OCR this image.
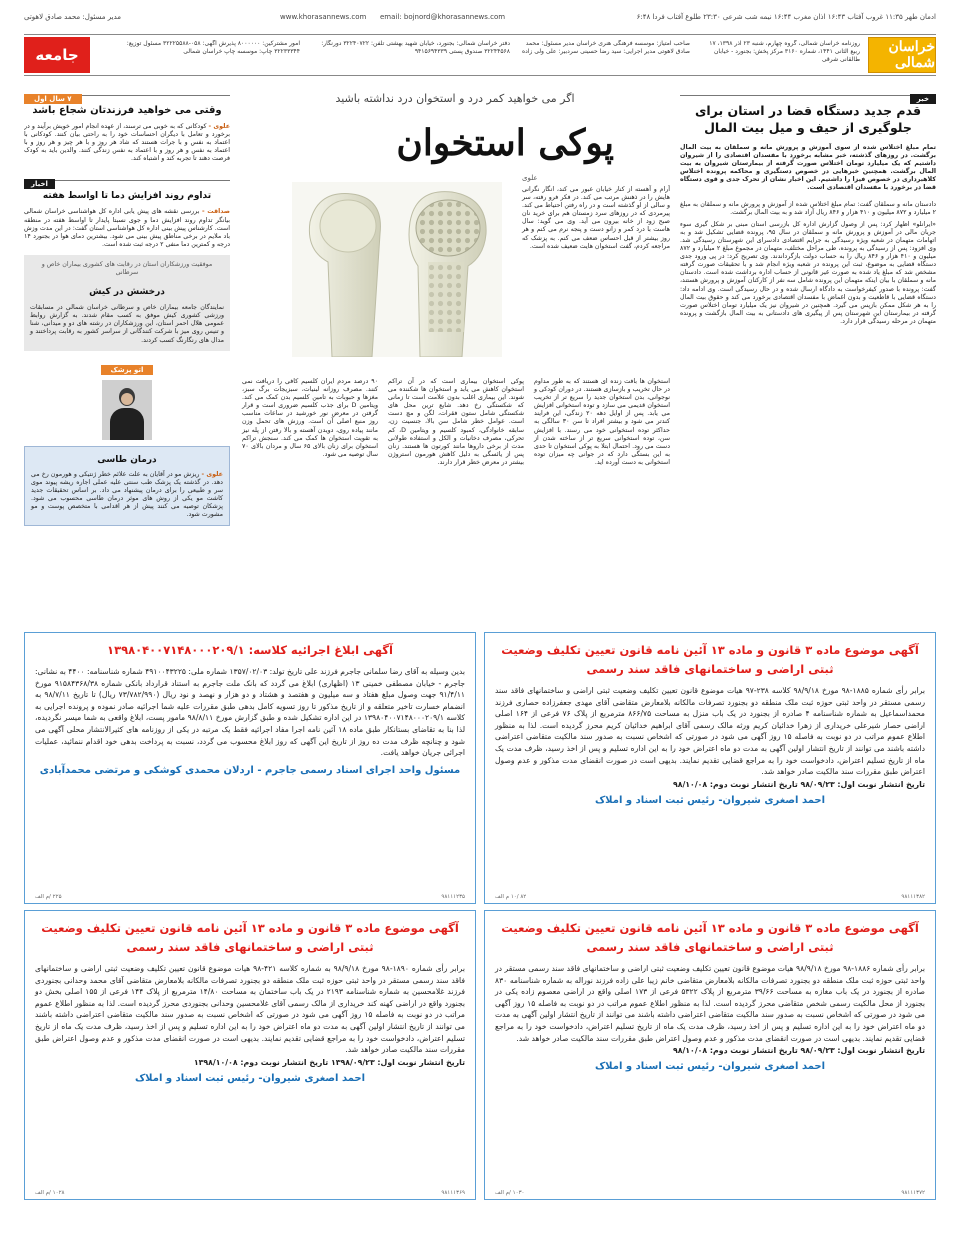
ادمان طهر ۱۱:۳۵ غروب آفتاب ۱۶:۴۳ اذان مغرب ۱۶:۴۴ نیمه شب شرعی ۲۳:۳۰ طلوع آفتاب فردا ۶:۴۸
email: bojnord@khorasannews.com
www.khorasannews.com
مدیر مسئول: محمد صادق لاهوتی
خراسان شمالی
روزنامه خراسان شمالی، گروه چهارم، شنبه ۲۳ آذر ۱۳۹۸، ۱۷ ربیع الثانی ۱۴۴۱، شماره ۳۱۶۰ مرکز پخش: بجنورد - خیابان طالقانی شرقی
صاحب امتیاز: موسسه فرهنگی هنری خراسان مدیر مسئول: محمد صادق لاهوتی مدیر اجرایی: سید رضا حسینی سردبیر: علی ولی زاده
دفتر خراسان شمالی: بجنورد، خیابان شهید بهشتی تلفن: ۳۲۲۴۰۷۲۲ دورنگار: ۳۲۲۴۴۵۶۸ صندوق پستی ۹۴۱۵۶۹۴۳۳۹
امور مشترکین: ۸۰۰۰۰۰۰ پذیرش آگهی: ۰۵۸-۳۲۲۲۵۵۸۸ مسئول توزیع: ۳۲۲۳۳۳۴۴ چاپ: موسسه چاپ خراسان شمالی
جامعه
خبر
قدم جدید دستگاه قضا در استان برای جلوگیری از حیف و میل بیت المال

تمام مبلغ اختلاس شده از سوی آموزش و پرورش مانه و سملقان به بیت المال برگشت. در روزهای گذشته، خبر مشابه برخورد با مفسدان اقتصادی را از شیروان داشتیم که یک میلیارد تومان اختلاس صورت گرفته از بیمارستان شیروان به بیت المال برگشت. همچنین خبرهایی در خصوص دستگیری و محاکمه پرونده اختلاس کلاهبرداری در خصوص فیزا را داشتیم. این اخبار نشان از تحرک جدی و قوی دستگاه قضا در برخورد با مفسدان اقتصادی است.

دادستان مانه و سملقان گفت: تمام مبلغ اختلاس شده از آموزش و پرورش مانه و سملقان به مبلغ ۲ میلیارد و ۸۷۲ میلیون و ۴۱۰ هزار و ۸۴۶ ریال آزاد شد و به بیت المال برگشت.

«ایرانلو» اظهار کرد: پس از وصول گزارش اداره کل بازرسی استان مبنی بر شکل گیری سوء جریان مالی در آموزش و پرورش مانه و سملقان در سال ۹۵، پرونده قضایی تشکیل شد و به اتهامات متهمان در شعبه ویژه رسیدگی به جرایم اقتصادی دادسرای این شهرستان رسیدگی شد. وی افزود: پس از رسیدگی به پرونده، طی مراحل مختلف، متهمان در مجموع مبلغ ۲ میلیارد و ۸۷۲ میلیون و ۴۱۰ هزار و ۸۴۶ ریال را به حساب دولت بازگرداندند. وی تصریح کرد: در پی ورود جدی دستگاه قضایی به موضوع، ثبت این پرونده در شعبه ویژه انجام شد و با تحقیقات صورت گرفته مشخص شد که مبلغ یاد شده به صورت غیر قانونی از حساب اداره برداشت شده است. دادستان مانه و سملقان با بیان اینکه متهمان این پرونده شامل سه نفر از کارکنان آموزش و پرورش هستند، گفت: پرونده با صدور کیفرخواست به دادگاه ارسال شده و در حال رسیدگی است. وی ادامه داد: دستگاه قضایی با قاطعیت و بدون اغماض با مفسدان اقتصادی برخورد می کند و حقوق بیت المال را به هر شکل ممکن بازپس می گیرد. همچنین در شیروان نیز یک میلیارد تومان اختلاس صورت گرفته در بیمارستان این شهرستان پس از پیگیری های دادستانی به بیت المال بازگشت و پرونده متهمان در مرحله رسیدگی قرار دارد.

اگر می خواهید کمر درد و استخوان درد نداشته باشید
پوکی استخوان
علوی

آرام و آهسته از کنار خیابان عبور می کند، انگار نگرانی هایش را در ذهنش مرتب می کند. در فکر فرو رفته، سر و سالی از او گذشته است و در راه رفتن احتیاط می کند. پیرمردی که در روزهای سرد زمستان هم برای خرید نان صبح زود از خانه بیرون می آید. وی می گوید: سال هاست با درد کمر و زانو دست و پنجه نرم می کنم و هر روز بیشتر از قبل احساس ضعف می کنم. به پزشک که مراجعه کردم، گفت استخوان هایت ضعیف شده است.

استخوان ها بافت زنده ای هستند که به طور مداوم در حال تخریب و بازسازی هستند. در دوران کودکی و نوجوانی، بدن استخوان جدید را سریع تر از تخریب استخوان قدیمی می سازد و توده استخوانی افزایش می یابد. پس از اوایل دهه ۲۰ زندگی، این فرایند کندتر می شود و بیشتر افراد تا سن ۳۰ سالگی به حداکثر توده استخوانی خود می رسند. با افزایش سن، توده استخوانی سریع تر از ساخته شدن از دست می رود. احتمال ابتلا به پوکی استخوان تا حدی به این بستگی دارد که در جوانی چه میزان توده استخوانی به دست آورده اید.

پوکی استخوان بیماری است که در آن تراکم استخوان کاهش می یابد و استخوان ها شکننده می شوند. این بیماری اغلب بدون علامت است تا زمانی که شکستگی رخ دهد. شایع ترین محل های شکستگی شامل ستون فقرات، لگن و مچ دست است. عوامل خطر شامل سن بالا، جنسیت زن، سابقه خانوادگی، کمبود کلسیم و ویتامین D، کم تحرکی، مصرف دخانیات و الکل و استفاده طولانی مدت از برخی داروها مانند کورتون ها هستند. زنان پس از یائسگی به دلیل کاهش هورمون استروژن بیشتر در معرض خطر قرار دارند.

۹۰ درصد مردم ایران کلسیم کافی را دریافت نمی کنند. مصرف روزانه لبنیات، سبزیجات برگ سبز، مغزها و حبوبات به تامین کلسیم بدن کمک می کند. ویتامین D برای جذب کلسیم ضروری است و قرار گرفتن در معرض نور خورشید در ساعات مناسب روز منبع اصلی آن است. ورزش های تحمل وزن مانند پیاده روی، دویدن آهسته و بالا رفتن از پله نیز به تقویت استخوان ها کمک می کند. سنجش تراکم استخوان برای زنان بالای ۶۵ سال و مردان بالای ۷۰ سال توصیه می شود.

۷ سال اول
وقتی می خواهید فرزندتان شجاع باشد

علوی - کودکانی که به خوبی می ترسند، از عهده انجام امور خویش برآیند و در برخورد و تعامل با دیگران احساسات خود را به راحتی بیان کنند. کودکانی با اعتماد به نفس و با جرات هستند که شاد هر روز و با هر چیز و هر روز و با اعتماد به نفس و هر روز و با اعتماد به نفس زندگی کنند. والدین باید به کودک فرصت دهند تا تجربه کند و اشتباه کند.

اخبار
تداوم روند افزایش دما تا اواسط هفته

صداقت - بررسی نقشه های پیش یابی اداره کل هواشناسی خراسان شمالی بیانگر تداوم روند افزایش دما و جوی نسبتا پایدار تا اواسط هفته در منطقه است. کارشناس پیش بینی اداره کل هواشناسی استان گفت: در این مدت وزش باد ملایم در برخی مناطق پیش بینی می شود. بیشترین دمای هوا در بجنورد ۱۴ درجه و کمترین دما منفی ۲ درجه ثبت شده است.

موفقیت ورزشکاران استان در رقابت های کشوری بیماران خاص و سرطانی
درخشش در کیش

نمایندگان جامعه بیماران خاص و سرطانی خراسان شمالی در مسابقات ورزشی کشوری کیش موفق به کسب مقام شدند. به گزارش روابط عمومی هلال احمر استان، این ورزشکاران در رشته های دو و میدانی، شنا و تنیس روی میز با شرکت کنندگانی از سراسر کشور به رقابت پرداختند و مدال های رنگارنگ کسب کردند.

اتو پزشک
درمان طاسی

علوی - ریزش مو در آقایان به علت علائم خطر ژنتیکی و هورمون رخ می دهد. در گذشته یک پزشک طب سنتی علیه عملی اجاره ریشه پیوند موی سر و طبیعی را برای درمان پیشنهاد می داد. بر اساس تحقیقات جدید کاشت مو یکی از روش های موثر درمان طاسی محسوب می شود. پزشکان توصیه می کنند پیش از هر اقدامی با متخصص پوست و مو مشورت شود.

آگهی موضوع ماده ۳ قانون و ماده ۱۳ آئین نامه قانون تعیین تکلیف وضعیت ثبتی اراضی و ساختمانهای فاقد سند رسمی

برابر رأی شماره ۱۸۸۵-۹۸ مورخ ۹۸/۹/۱۸ کلاسه ۲۳۸-۹۷ هیات موضوع قانون تعیین تکلیف وضعیت ثبتی اراضی و ساختمانهای فاقد سند رسمی مستقر در واحد ثبتی حوزه ثبت ملک منطقه دو بجنورد تصرفات مالکانه بلامعارض متقاضی آقای مهدی جعفرزاده حصاری فرزند محمداسماعیل به شماره شناسنامه ۴ صادره از بجنورد در یک باب منزل به مساحت ۸۶۶/۷۵ مترمربع از پلاک ۷۶ فرعی از ۱۶۴ اصلی اراضی حصار شیرعلی خریداری از زهرا خدائیان کریم ورثه مالک رسمی آقای ابراهیم خدائیان کریم محرز گردیده است. لذا به منظور اطلاع عموم مراتب در دو نوبت به فاصله ۱۵ روز آگهی می شود در صورتی که اشخاص نسبت به صدور سند مالکیت متقاضی اعتراضی داشته باشند می توانند از تاریخ انتشار اولین آگهی به مدت دو ماه اعتراض خود را به این اداره تسلیم و پس از اخذ رسید، ظرف مدت یک ماه از تاریخ تسلیم اعتراض، دادخواست خود را به مراجع قضایی تقدیم نمایند. بدیهی است در صورت انقضای مدت مذکور و عدم وصول اعتراض طبق مقررات سند مالکیت صادر خواهد شد.

تاریخ انتشار نوبت اول: ۹۸/۰۹/۲۳ تاریخ انتشار نوبت دوم: ۹۸/۱۰/۰۸

احمد اصغری شیروان- رئیس ثبت اسناد و املاک

۹۸۱۱۱۳۸۲
۸۲ /۱۰ م الف
آگهی ابلاغ اجرائیه کلاسه: ۱۳۹۸۰۴۰۰۷۱۴۸۰۰۰۲۰۹/۱

بدین وسیله به آقای رضا سلمانی جاجرم فرزند علی تاریخ تولد: ۱۳۵۷/۰۲/۰۳ شماره ملی: ۴۹۱۰۰۴۳۲۲۵ شماره شناسنامه: ۴۴۰۰ به نشانی: جاجرم - خیابان مصطفی خمینی ۱۳ (اظهاری) ابلاغ می گردد که بانک ملت جاجرم به استناد قرارداد بانکی شماره ۹۱۵۸۴۳۶۸/۳۸ مورخ ۹۱/۴/۱۱ جهت وصول مبلغ هفتاد و سه میلیون و هفتصد و هشتاد و دو هزار و نهصد و نود ریال (۷۳/۷۸۲/۹۹۰ ریال) تا تاریخ ۹۸/۷/۱۱ به انضمام خسارت تاخیر متعلقه و از تاریخ مذکور تا روز تسویه کامل بدهی طبق مقررات علیه شما اجرائیه صادر نموده و پرونده اجرایی به کلاسه ۱۳۹۸۰۴۰۰۷۱۴۸۰۰۰۲۰۹/۱ در این اداره تشکیل شده و طبق گزارش مورخ ۹۸/۸/۱۱ مامور پست، ابلاغ واقعی به شما میسر نگردیده، لذا بنا به تقاضای بستانکار طبق ماده ۱۸ آئین نامه اجرا مفاد اجرائیه فقط یک مرتبه در یکی از روزنامه های کثیرالانتشار محلی آگهی می شود و چنانچه ظرف مدت ده روز از تاریخ این آگهی که روز ابلاغ محسوب می گردد، نسبت به پرداخت بدهی خود اقدام ننمائید، عملیات اجرائی جریان خواهد یافت.

مسئول واحد اجرای اسناد رسمی جاجرم - اردلان محمدی کوشکی و مرتضی محمدآبادی

۹۸۱۱۱۲۳۵
۲۲۵ /م الف
آگهی موضوع ماده ۳ قانون و ماده ۱۳ آئین نامه قانون تعیین تکلیف وضعیت ثبتی اراضی و ساختمانهای فاقد سند رسمی

برابر رأی شماره ۱۸۸۶-۹۸ مورخ ۹۸/۹/۱۸ هیات موضوع قانون تعیین تکلیف وضعیت ثبتی اراضی و ساختمانهای فاقد سند رسمی مستقر در واحد ثبتی حوزه ثبت ملک منطقه دو بجنورد تصرفات مالکانه بلامعارض متقاضی خانم زیبا علی زاده فرزند نوراله به شماره شناسنامه ۸۳۰ صادره از بجنورد در یک باب مغازه به مساحت ۳۹/۶۶ مترمربع از پلاک ۵۳۲۲ فرعی از ۱۷۳ اصلی واقع در اراضی معصوم زاده یکی در بجنورد از محل مالکیت رسمی شخص متقاضی محرز گردیده است. لذا به منظور اطلاع عموم مراتب در دو نوبت به فاصله ۱۵ روز آگهی می شود در صورتی که اشخاص نسبت به صدور سند مالکیت متقاضی اعتراضی داشته باشند می توانند از تاریخ انتشار اولین آگهی به مدت دو ماه اعتراض خود را به این اداره تسلیم و پس از اخذ رسید، ظرف مدت یک ماه از تاریخ تسلیم اعتراض، دادخواست خود را به مراجع قضایی تقدیم نمایند. بدیهی است در صورت انقضای مدت مذکور و عدم وصول اعتراض طبق مقررات سند مالکیت صادر خواهد شد.

تاریخ انتشار نوبت اول: ۹۸/۰۹/۲۳ تاریخ انتشار نوبت دوم: ۹۸/۱۰/۰۸

احمد اصغری شیروان- رئیس ثبت اسناد و املاک

۹۸۱۱۱۳۷۲
۱۰۳۰ /م الف
آگهی موضوع ماده ۳ قانون و ماده ۱۳ آئین نامه قانون تعیین تکلیف وضعیت ثبتی اراضی و ساختمانهای فاقد سند رسمی

برابر رأی شماره ۱۸۹۰-۹۸ مورخ ۹۸/۹/۱۸ به شماره کلاسه ۴۲۱-۹۸ هیات موضوع قانون تعیین تکلیف وضعیت ثبتی اراضی و ساختمانهای فاقد سند رسمی مستقر در واحد ثبتی حوزه ثبت ملک منطقه دو بجنورد تصرفات مالکانه بلامعارض متقاضی آقای محمد وحدانی بجنوردی فرزند غلامحسین به شماره شناسنامه ۲۱۹۳ در یک باب ساختمان به مساحت ۱۴/۸۰ مترمربع از پلاک ۱۴۴ فرعی از ۱۵۵ اصلی بخش دو بجنورد واقع در اراضی کهنه کند خریداری از مالک رسمی آقای غلامحسین وحدانی بجنوردی محرز گردیده است. لذا به منظور اطلاع عموم مراتب در دو نوبت به فاصله ۱۵ روز آگهی می شود در صورتی که اشخاص نسبت به صدور سند مالکیت متقاضی اعتراضی داشته باشند می توانند از تاریخ انتشار اولین آگهی به مدت دو ماه اعتراض خود را به این اداره تسلیم و پس از اخذ رسید، ظرف مدت یک ماه از تاریخ تسلیم اعتراض، دادخواست خود را به مراجع قضایی تقدیم نمایند. بدیهی است در صورت انقضای مدت مذکور و عدم وصول اعتراض طبق مقررات سند مالکیت صادر خواهد شد.

تاریخ انتشار نوبت اول: ۱۳۹۸/۰۹/۲۳ تاریخ انتشار نوبت دوم: ۱۳۹۸/۱۰/۰۸

احمد اصغری شیروان- رئیس ثبت اسناد و املاک

۹۸۱۱۱۳۶۹
۱۰۲۸ /م الف
